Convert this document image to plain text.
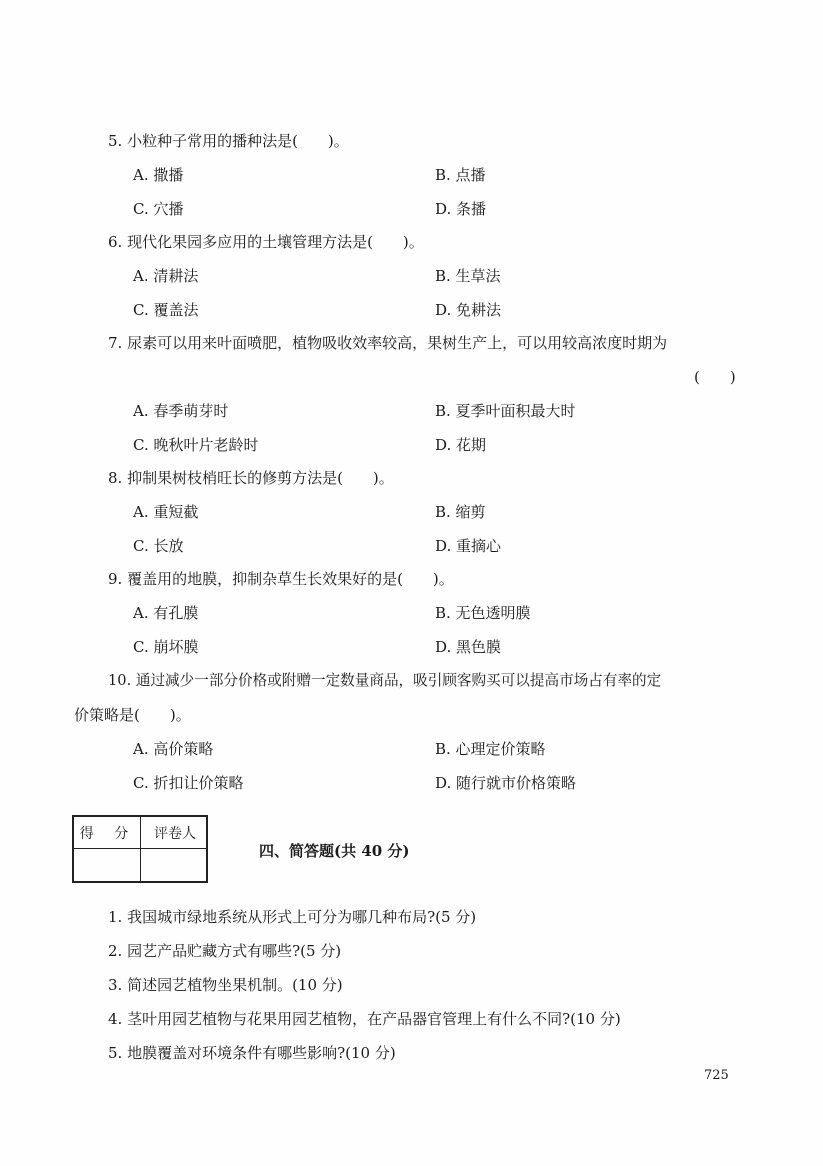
5. 小粒种子常用的播种法是(　　)。
A. 撒播	B. 点播
C. 穴播	D. 条播
6. 现代化果园多应用的土壤管理方法是(　　)。
A. 清耕法	B. 生草法
C. 覆盖法	D. 免耕法
7. 尿素可以用来叶面喷肥，植物吸收效率较高，果树生产上，可以用较高浓度时期为
(　　)
A. 春季萌芽时	B. 夏季叶面积最大时
C. 晚秋叶片老龄时	D. 花期
8. 抑制果树枝梢旺长的修剪方法是(　　)。
A. 重短截	B. 缩剪
C. 长放	D. 重摘心
9. 覆盖用的地膜，抑制杂草生长效果好的是(　　)。
A. 有孔膜	B. 无色透明膜
C. 崩坏膜	D. 黑色膜
10. 通过减少一部分价格或附赠一定数量商品，吸引顾客购买可以提高市场占有率的定
价策略是(　　)。
A. 高价策略	B. 心理定价策略
C. 折扣让价策略	D. 随行就市价格策略
得 分	评卷人
四、简答题(共 40 分)
1. 我国城市绿地系统从形式上可分为哪几种布局?(5 分)
2. 园艺产品贮藏方式有哪些?(5 分)
3. 简述园艺植物坐果机制。(10 分)
4. 茎叶用园艺植物与花果用园艺植物，在产品器官管理上有什么不同?(10 分)
5. 地膜覆盖对环境条件有哪些影响?(10 分)
725
